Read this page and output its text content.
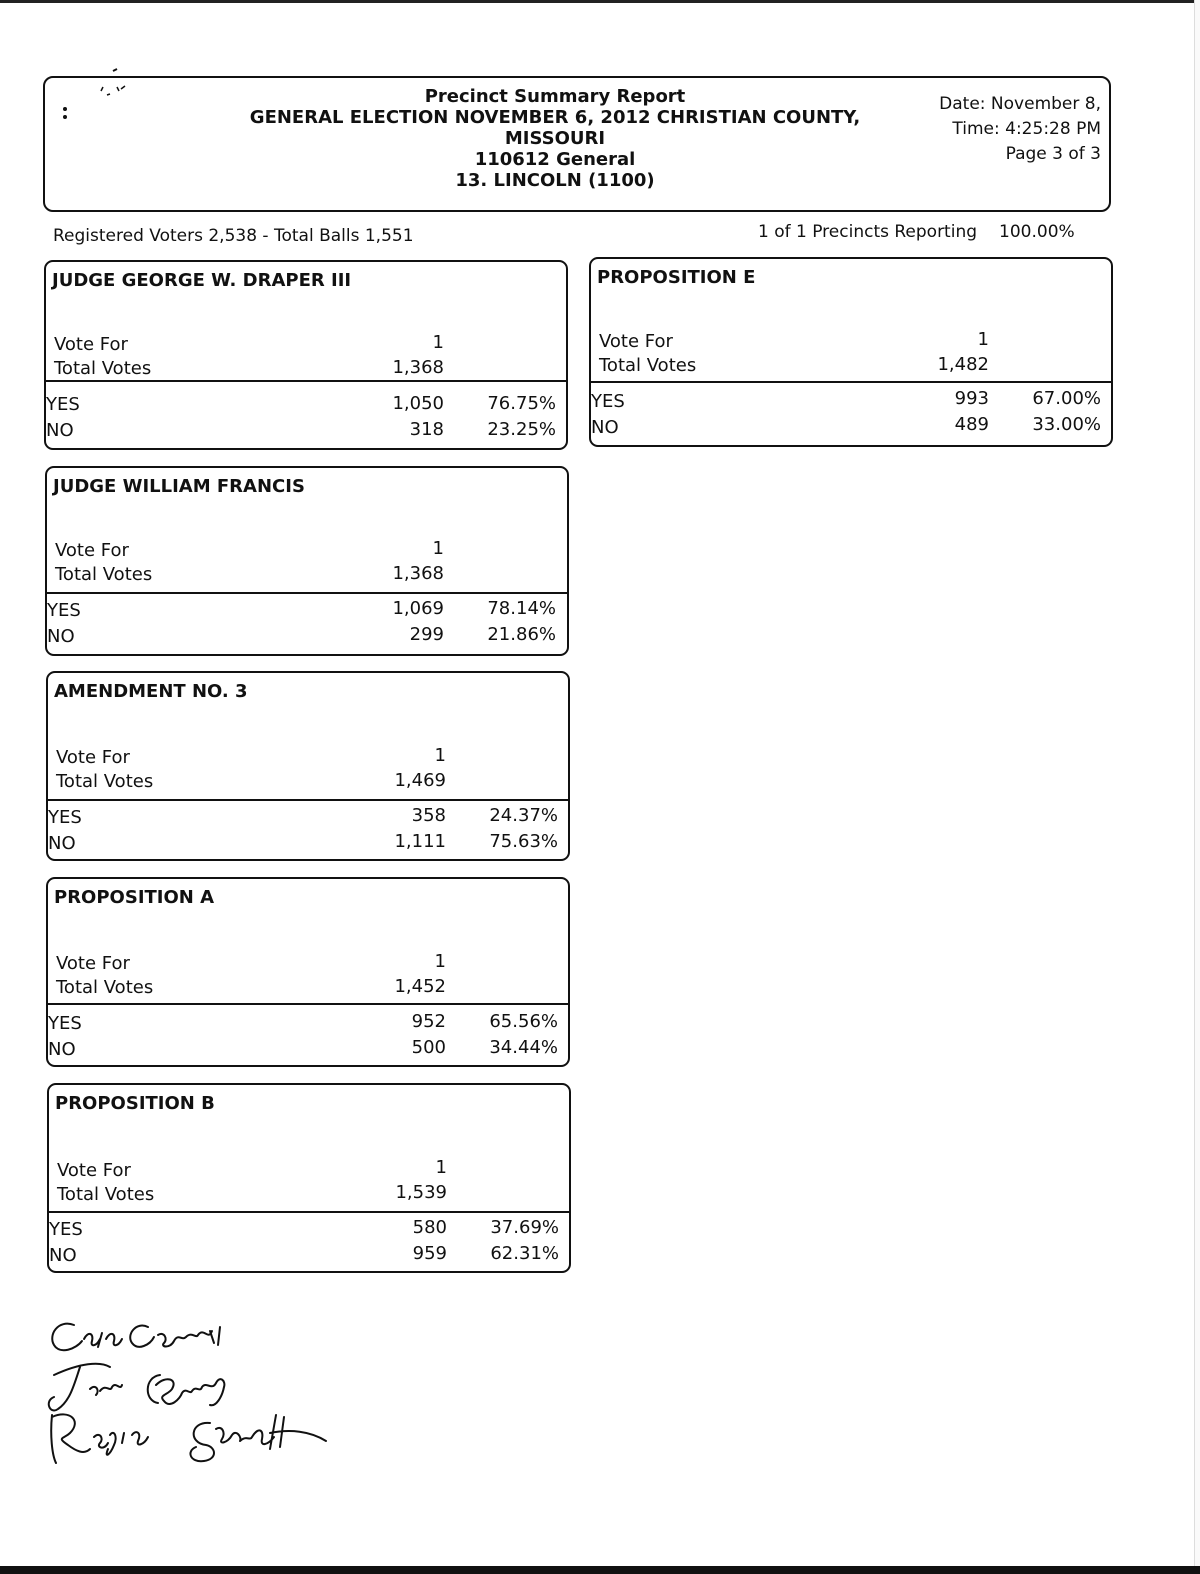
Precinct Summary Report
GENERAL ELECTION NOVEMBER 6, 2012 CHRISTIAN COUNTY,
MISSOURI
110612 General
13. LINCOLN (1100)
Date: November 8,
Time: 4:25:28 PM
Page 3 of 3
Registered Voters 2,538 - Total Balls 1,551	1 of 1 Precincts Reporting 100.00%
JUDGE GEORGE W. DRAPER III
Vote For	1
Total Votes	1,368
YES	1,050	76.75%
NO	318	23.25%
JUDGE WILLIAM FRANCIS
Vote For	1
Total Votes	1,368
YES	1,069	78.14%
NO	299	21.86%
AMENDMENT NO. 3
Vote For	1
Total Votes	1,469
YES	358	24.37%
NO	1,111	75.63%
PROPOSITION A
Vote For	1
Total Votes	1,452
YES	952	65.56%
NO	500	34.44%
PROPOSITION B
Vote For	1
Total Votes	1,539
YES	580	37.69%
NO	959	62.31%
PROPOSITION E
Vote For	1
Total Votes	1,482
YES	993	67.00%
NO	489	33.00%
